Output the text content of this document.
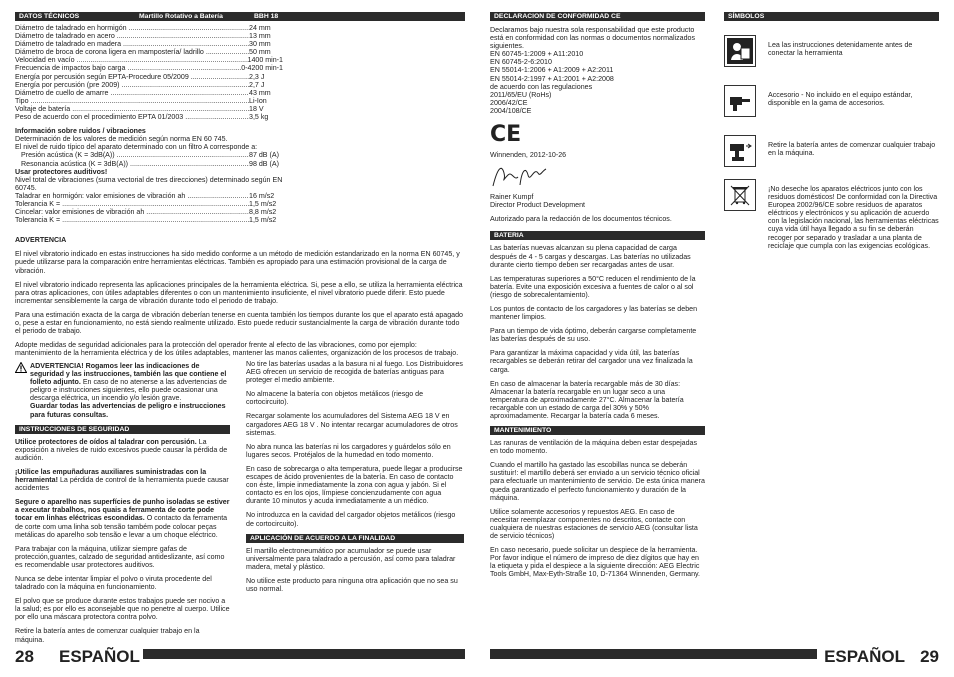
DATOS TÉCNICOS	Martillo Rotativo a Batería	BBH 18
Diámetro de taladrado en hormigón .....	24 mm
Diámetro de taladrado en acero .....	13 mm
Diámetro de taladrado en madera .....	30 mm
Diámetro de broca de corona ligera en mampostería/ ladrillo .....	50 mm
Velocidad en vacío .....	1400 min-1
Frecuencia de impactos bajo carga .....	0-4200 min-1
Energía por percusión según EPTA-Procedure 05/2009 .....	2,3 J
Energía por percusión (pre 2009) .....	2,7 J
Diámetro de cuello de amarre .....	43 mm
Tipo .....	Li-Ion
Voltaje de batería .....	18 V
Peso de acuerdo con el procedimiento EPTA 01/2003 .....	3,5 kg
Información sobre ruidos / vibraciones
Determinación de los valores de medición según norma EN 60 745.
El nivel de ruido típico del aparato determinado con un filtro A corresponde a:
Presión acústica (K = 3dB(A)) .....	87 dB (A)
Resonancia acústica (K = 3dB(A)) .....	98 dB (A)
Usar protectores auditivos!
Nivel total de vibraciones (suma vectorial de tres direcciones) determinado según EN 60745.
Taladrar en hormigón: valor emisiones de vibración ah .....	16 m/s2
Tolerancia K = .....	1,5 m/s2
Cincelar: valor emisiones de vibración ah .....	8,8 m/s2
Tolerancia K = .....	1,5 m/s2
ADVERTENCIA
El nivel vibratorio indicado en estas instrucciones ha sido medido conforme a un método de medición estandarizado en la norma EN 60745, y puede utilizarse para la comparación entre herramientas eléctricas. También es apropiado para una estimación provisional de la carga de vibración.
El nivel vibratorio indicado representa las aplicaciones principales de la herramienta eléctrica. Si, pese a ello, se utiliza la herramienta eléctrica para otras aplicaciones, con útiles adaptables diferentes o con un mantenimiento insuficiente, el nivel vibratorio puede diferir. Esto puede incrementar sensiblemente la carga de vibración durante todo el periodo de trabajo.
Para una estimación exacta de la carga de vibración deberían tenerse en cuenta también los tiempos durante los que el aparato está apagado o, pese a estar en funcionamiento, no está siendo realmente utilizado. Esto puede reducir sustancialmente la carga de vibración durante todo el periodo de trabajo.
Adopte medidas de seguridad adicionales para la protección del operador frente al efecto de las vibraciones, como por ejemplo: mantenimiento de la herramienta eléctrica y de los útiles adaptables, mantener las manos calientes, organización de los procesos de trabajo.
ADVERTENCIA! Rogamos leer las indicaciones de seguridad y las instrucciones, también las que contiene el folleto adjunto. En caso de no atenerse a las advertencias de peligro e instrucciones siguientes, ello puede ocasionar una descarga eléctrica, un incendio y/o lesión grave.
Guardar todas las advertencias de peligro e instrucciones para futuras consultas.
INSTRUCCIONES DE SEGURIDAD
Utilice protectores de oídos al taladrar con percusión. La exposición a niveles de ruido excesivos puede causar la pérdida de audición.
¡Utilice las empuñaduras auxiliares suministradas con la herramienta! La pérdida de control de la herramienta puede causar accidentes
Segure o aparelho nas superfícies de punho isoladas se estiver a executar trabalhos, nos quais a ferramenta de corte pode tocar em linhas eléctricas escondidas. O contacto da ferramenta de corte com uma linha sob tensão também pode colocar peças metálicas do aparelho sob tensão e levar a um choque eléctrico.
Para trabajar con la máquina, utilizar siempre gafas de protección,guantes, calzado de seguridad antideslizante, así como es recomendable usar protectores auditivos.
Nunca se debe intentar limpiar el polvo o viruta procedente del taladrado con la máquina en funcionamiento.
El polvo que se produce durante estos trabajos puede ser nocivo a la salud; es por ello es aconsejable que no penetre al cuerpo. Utilice por ello una máscara protectora contra polvo.
Retire la batería antes de comenzar cualquier trabajo en la máquina.
No tire las baterías usadas a la basura ni al fuego. Los Distribuidores AEG ofrecen un servicio de recogida de baterías antiguas para proteger el medio ambiente.
No almacene la batería con objetos metálicos (riesgo de cortocircuito).
Recargar solamente los acumuladores del Sistema AEG 18 V en cargadores AEG 18 V . No intentar recargar acumuladores de otros sistemas.
No abra nunca las baterías ni los cargadores y guárdelos sólo en lugares secos. Protéjalos de la humedad en todo momento.
En caso de sobrecarga o alta temperatura, puede llegar a producirse escapes de ácido provenientes de la batería. En caso de contacto con éste, limpie inmediatamente la zona con agua y jabón. Si el contacto es en los ojos, límpiese concienzudamente con agua durante 10 minutos y acuda inmediatamente a un médico.
No introduzca en la cavidad del cargador objetos metálicos (riesgo de cortocircuito).
APLICACIÓN DE ACUERDO A LA FINALIDAD
El martillo electroneumático por acumulador se puede usar universalmente para taladrado a percusión, así como para taladrar madera, metal y plástico.
No utilice este producto para ninguna otra aplicación que no sea su uso normal.
DECLARACION DE CONFORMIDAD CE
Declaramos bajo nuestra sola responsabilidad que este producto está en conformidad con las normas o documentos normalizados siguientes.
EN 60745-1:2009 + A11:2010
EN 60745-2-6:2010
EN 55014-1:2006 + A1:2009 + A2:2011
EN 55014-2:1997 + A1:2001 + A2:2008
de acuerdo con las regulaciones
2011/65/EU (RoHs)
2006/42/CE
2004/108/CE
CE
Winnenden, 2012-10-26
Rainer Kumpf
Director Product Development
Autorizado para la redacción de los documentos técnicos.
BATERIA
Las baterías nuevas alcanzan su plena capacidad de carga después de 4 - 5 cargas y descargas. Las baterías no utilizadas durante cierto tiempo deben ser recargadas antes de usar.
Las temperaturas superiores a 50°C reducen el rendimiento de la batería. Evite una exposición excesiva a fuentes de calor o al sol (riesgo de sobrecalentamiento).
Los puntos de contacto de los cargadores y las baterías se deben mantener limpios.
Para un tiempo de vida óptimo, deberán cargarse completamente las baterías después de su uso.
Para garantizar la máxima capacidad y vida útil, las baterías recargables se deberán retirar del cargador una vez finalizada la carga.
En caso de almacenar la batería recargable más de 30 días: Almacenar la batería recargable en un lugar seco a una temperatura de aproximadamente 27°C. Almacenar la batería recargable con un estado de carga del 30% y 50% aproximadamente. Recargar la batería cada 6 meses.
MANTENIMIENTO
Las ranuras de ventilación de la máquina deben estar despejadas en todo momento.
Cuando el martillo ha gastado las escobillas nunca se deberán sustituir!: el martillo deberá ser enviado a un servicio técnico oficial para efectuarle un mantenimiento de servicio. De esta única manera queda garantizado el perfecto funcionamiento y duración de la máquina.
Utilice solamente accesorios y repuestos AEG. En caso de necesitar reemplazar componentes no descritos, contacte con cualquiera de nuestras estaciones de servicio AEG (consultar lista de servicio técnicos)
En caso necesario, puede solicitar un despiece de la herramienta. Por favor indique el número de impreso de diez dígitos que hay en la etiqueta y pida el despiece a la siguiente dirección: AEG Electric Tools GmbH, Max-Eyth-Straße 10, D-71364 Winnenden, Germany.
SÍMBOLOS
Lea las instrucciones detenidamente antes de conectar la herramienta
Accesorio - No incluido en el equipo estándar, disponible en la gama de accesorios.
Retire la batería antes de comenzar cualquier trabajo en la máquina.
¡No deseche los aparatos eléctricos junto con los residuos domésticos! De conformidad con la Directiva Europea 2002/96/CE sobre residuos de aparatos eléctricos y electrónicos y su aplicación de acuerdo con la legislación nacional, las herramientas eléctricas cuya vida útil haya llegado a su fin se deberán recoger por separado y trasladar a una planta de reciclaje que cumpla con las exigencias ecológicas.
28 ESPAÑOL	ESPAÑOL 29
